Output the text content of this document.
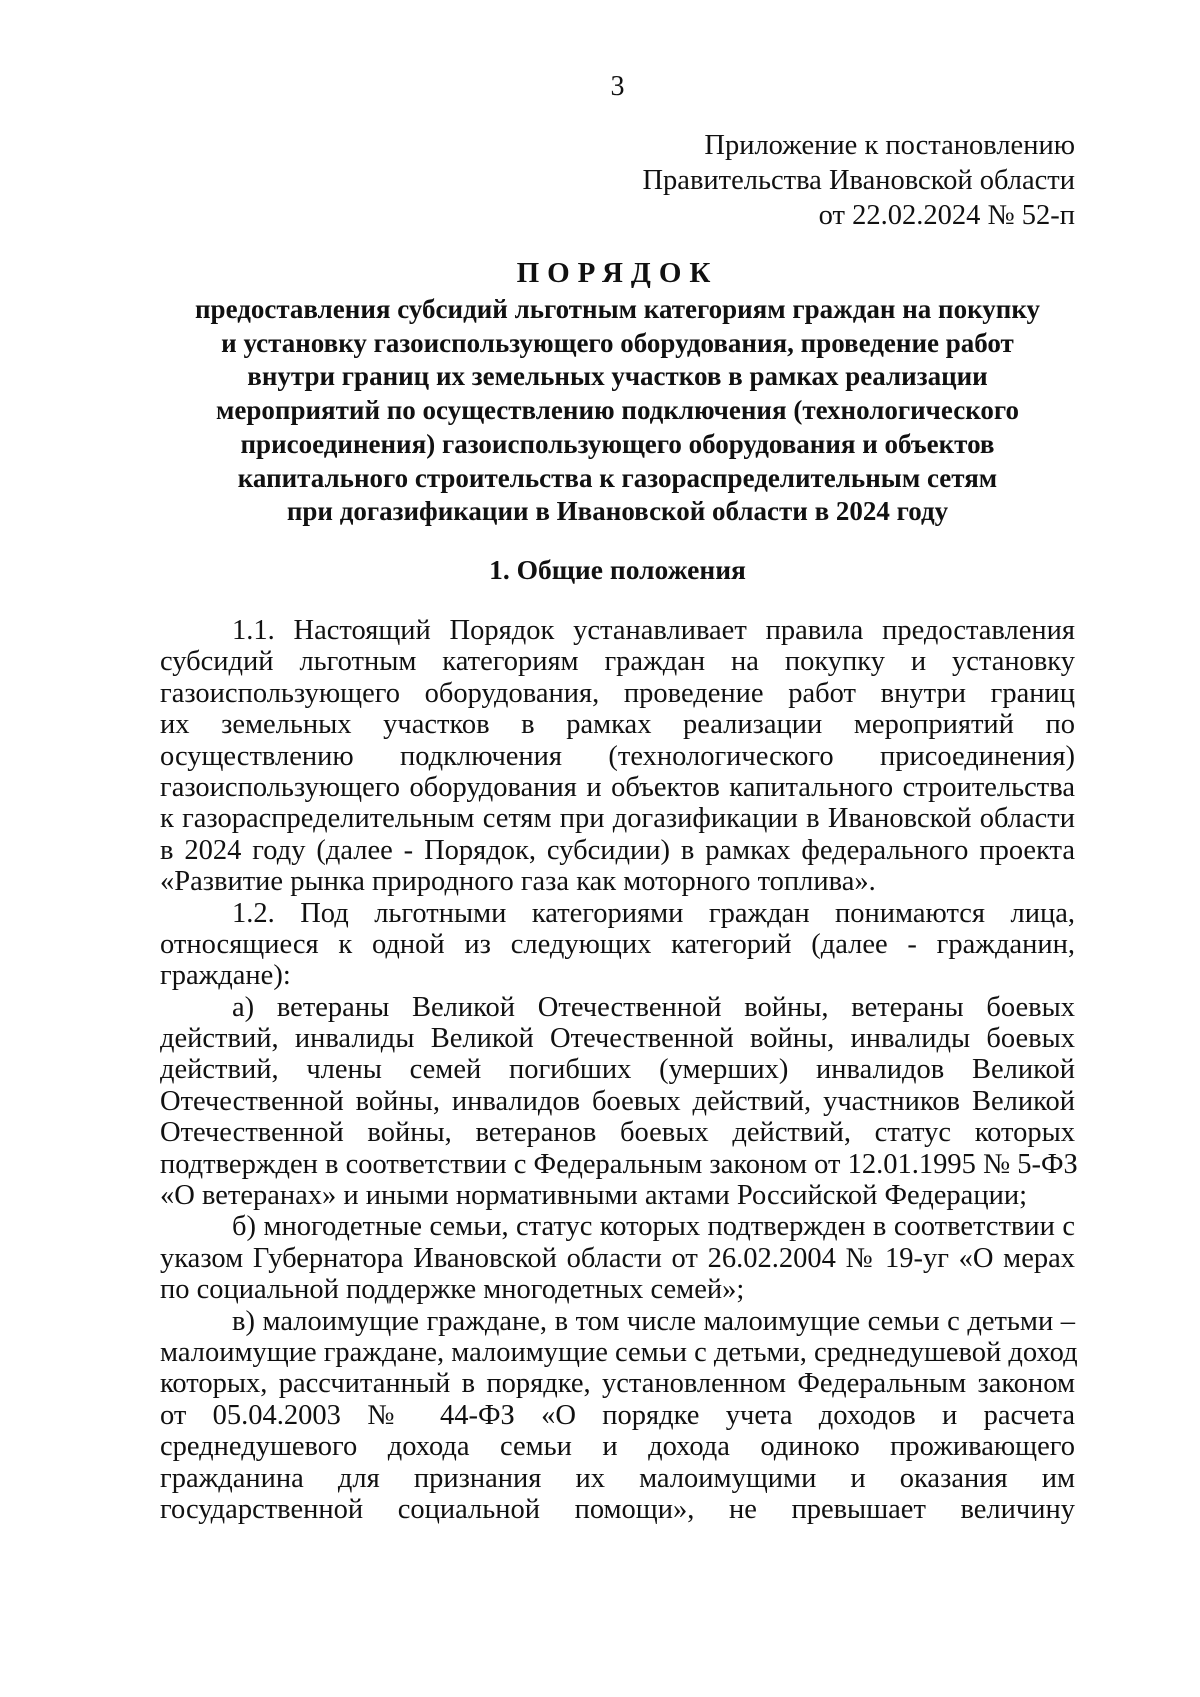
3
Приложение к постановлению
Правительства Ивановской области
от 22.02.2024 № 52-п
ПОРЯДОК
предоставления субсидий льготным категориям граждан на покупку
и установку газоиспользующего оборудования, проведение работ
внутри границ их земельных участков в рамках реализации
мероприятий по осуществлению подключения (технологического
присоединения) газоиспользующего оборудования и объектов
капитального строительства к газораспределительным сетям
при догазификации в Ивановской области в 2024 году
1. Общие положения
1.1. Настоящий Порядок устанавливает правила предоставления
субсидий льготным категориям граждан на покупку и установку
газоиспользующего оборудования, проведение работ внутри границ
их земельных участков в рамках реализации мероприятий по
осуществлению подключения (технологического присоединения)
газоиспользующего оборудования и объектов капитального строительства
к газораспределительным сетям при догазификации в Ивановской области
в 2024 году (далее - Порядок, субсидии) в рамках федерального проекта
«Развитие рынка природного газа как моторного топлива».
1.2. Под льготными категориями граждан понимаются лица,
относящиеся к одной из следующих категорий (далее - гражданин,
граждане):
а) ветераны Великой Отечественной войны, ветераны боевых
действий, инвалиды Великой Отечественной войны, инвалиды боевых
действий, члены семей погибших (умерших) инвалидов Великой
Отечественной войны, инвалидов боевых действий, участников Великой
Отечественной войны, ветеранов боевых действий, статус которых
подтвержден в соответствии с Федеральным законом от 12.01.1995 № 5-ФЗ
«О ветеранах» и иными нормативными актами Российской Федерации;
б) многодетные семьи, статус которых подтвержден в соответствии с
указом Губернатора Ивановской области от 26.02.2004 № 19-уг «О мерах
по социальной поддержке многодетных семей»;
в) малоимущие граждане, в том числе малоимущие семьи с детьми –
малоимущие граждане, малоимущие семьи с детьми, среднедушевой доход
которых, рассчитанный в порядке, установленном Федеральным законом
от 05.04.2003 № 44-ФЗ «О порядке учета доходов и расчета
среднедушевого дохода семьи и дохода одиноко проживающего
гражданина для признания их малоимущими и оказания им
государственной социальной помощи», не превышает величину
